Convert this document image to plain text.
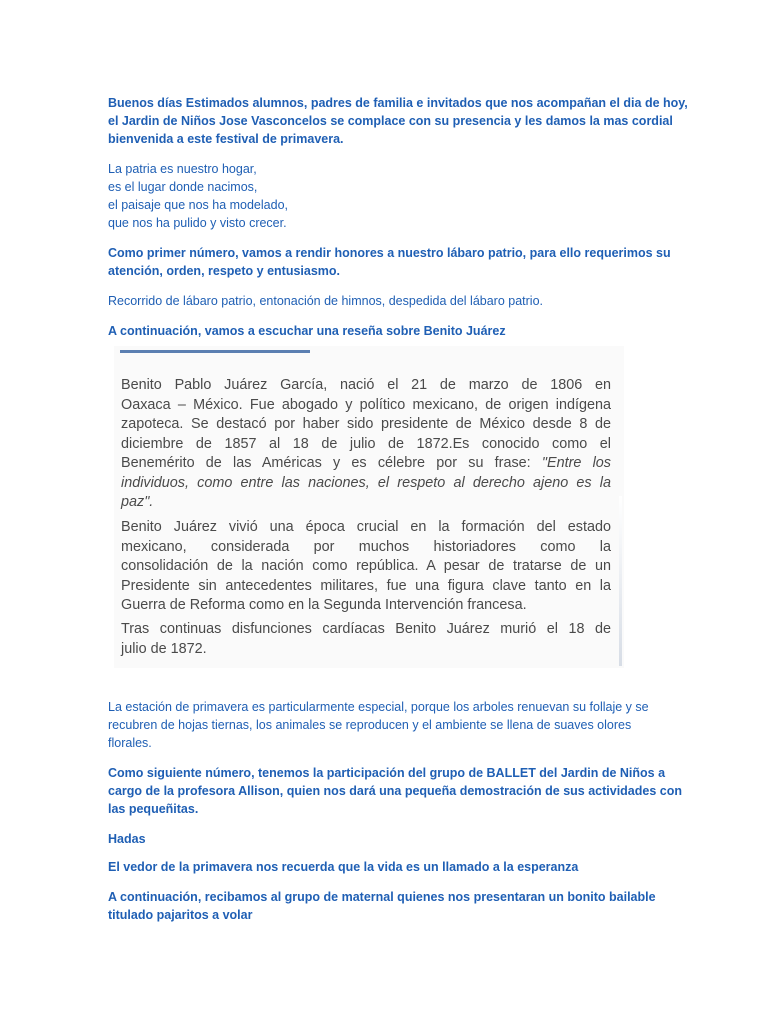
Buenos días Estimados alumnos, padres de familia e invitados que nos acompañan el dia de hoy,
el Jardin de Niños Jose Vasconcelos se complace con su presencia y les damos la mas cordial
bienvenida a este festival de primavera.

La patria es nuestro hogar,
es el lugar donde nacimos,
el paisaje que nos ha modelado,
que nos ha pulido y visto crecer.

Como primer número, vamos a rendir honores a nuestro lábaro patrio, para ello requerimos su
atención, orden, respeto y entusiasmo.

Recorrido de lábaro patrio, entonación de himnos, despedida del lábaro patrio.

A continuación, vamos a escuchar una reseña sobre Benito Juárez

Benito Pablo Juárez García, nació el 21 de marzo de 1806 en
Oaxaca – México. Fue abogado y político mexicano, de origen indígena
zapoteca. Se destacó por haber sido presidente de México desde 8 de
diciembre de 1857 al 18 de julio de 1872.Es conocido como el
Benemérito de las Américas y es célebre por su frase: "Entre los
individuos, como entre las naciones, el respeto al derecho ajeno es la
paz".

Benito Juárez vivió una época crucial en la formación del estado
mexicano, considerada por muchos historiadores como la
consolidación de la nación como república. A pesar de tratarse de un
Presidente sin antecedentes militares, fue una figura clave tanto en la
Guerra de Reforma como en la Segunda Intervención francesa.

Tras continuas disfunciones cardíacas Benito Juárez murió el 18 de
julio de 1872.

La estación de primavera es particularmente especial, porque los arboles renuevan su follaje y se
recubren de hojas tiernas, los animales se reproducen y el ambiente se llena de suaves olores
florales.

Como siguiente número, tenemos la participación del grupo de BALLET del Jardin de Niños a
cargo de la profesora Allison, quien nos dará una pequeña demostración de sus actividades con
las pequeñitas.

Hadas

El vedor de la primavera nos recuerda que la vida es un llamado a la esperanza

A continuación, recibamos al grupo de maternal quienes nos presentaran un bonito bailable
titulado pajaritos a volar
